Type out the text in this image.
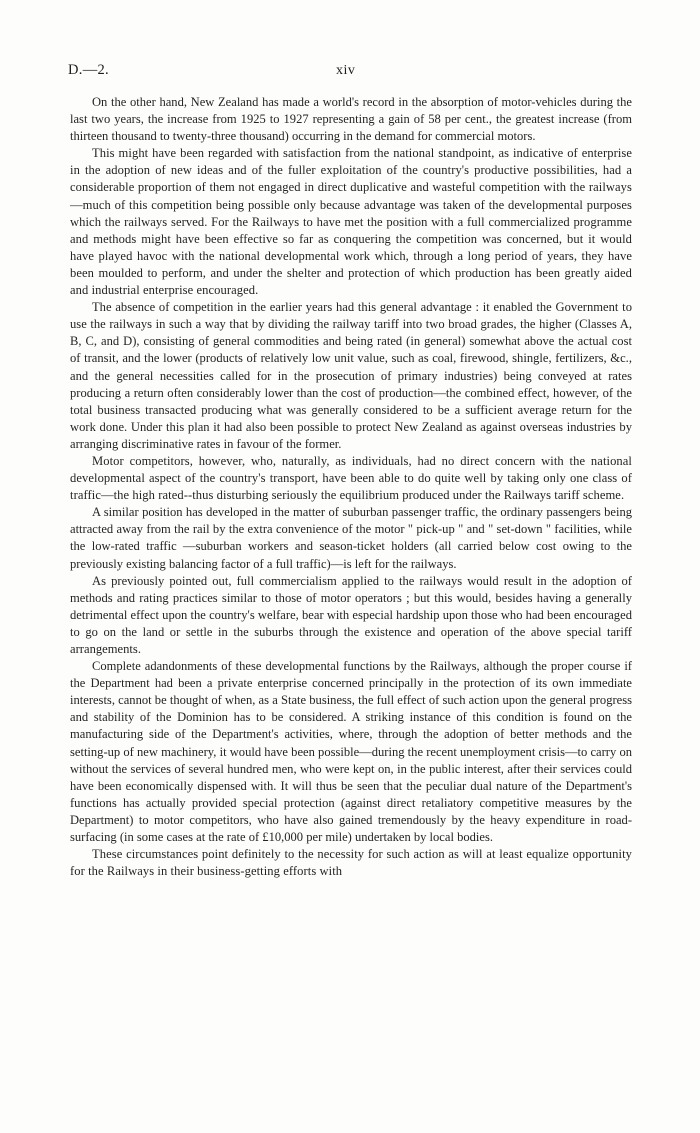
D.—2.	xiv

On the other hand, New Zealand has made a world's record in the absorption of motor-vehicles during the last two years, the increase from 1925 to 1927 representing a gain of 58 per cent., the greatest increase (from thirteen thousand to twenty-three thousand) occurring in the demand for commercial motors.

This might have been regarded with satisfaction from the national standpoint, as indicative of enterprise in the adoption of new ideas and of the fuller exploitation of the country's productive possibilities, had a considerable proportion of them not engaged in direct duplicative and wasteful competition with the railways—much of this competition being possible only because advantage was taken of the developmental purposes which the railways served. For the Railways to have met the position with a full commercialized programme and methods might have been effective so far as conquering the competition was concerned, but it would have played havoc with the national developmental work which, through a long period of years, they have been moulded to perform, and under the shelter and protection of which production has been greatly aided and industrial enterprise encouraged.

The absence of competition in the earlier years had this general advantage : it enabled the Government to use the railways in such a way that by dividing the railway tariff into two broad grades, the higher (Classes A, B, C, and D), consisting of general commodities and being rated (in general) somewhat above the actual cost of transit, and the lower (products of relatively low unit value, such as coal, firewood, shingle, fertilizers, &c., and the general necessities called for in the prosecution of primary industries) being conveyed at rates producing a return often considerably lower than the cost of production—the combined effect, however, of the total business transacted producing what was generally considered to be a sufficient average return for the work done. Under this plan it had also been possible to protect New Zealand as against overseas industries by arranging discriminative rates in favour of the former.

Motor competitors, however, who, naturally, as individuals, had no direct concern with the national developmental aspect of the country's transport, have been able to do quite well by taking only one class of traffic—the high rated--thus disturbing seriously the equilibrium produced under the Railways tariff scheme.

A similar position has developed in the matter of suburban passenger traffic, the ordinary passengers being attracted away from the rail by the extra convenience of the motor " pick-up " and " set-down " facilities, while the low-rated traffic —suburban workers and season-ticket holders (all carried below cost owing to the previously existing balancing factor of a full traffic)—is left for the railways.

As previously pointed out, full commercialism applied to the railways would result in the adoption of methods and rating practices similar to those of motor operators ; but this would, besides having a generally detrimental effect upon the country's welfare, bear with especial hardship upon those who had been encouraged to go on the land or settle in the suburbs through the existence and operation of the above special tariff arrangements.

Complete adandonments of these developmental functions by the Railways, although the proper course if the Department had been a private enterprise concerned principally in the protection of its own immediate interests, cannot be thought of when, as a State business, the full effect of such action upon the general progress and stability of the Dominion has to be considered. A striking instance of this condition is found on the manufacturing side of the Department's activities, where, through the adoption of better methods and the setting-up of new machinery, it would have been possible—during the recent unemployment crisis—to carry on without the services of several hundred men, who were kept on, in the public interest, after their services could have been economically dispensed with. It will thus be seen that the peculiar dual nature of the Department's functions has actually provided special protection (against direct retaliatory competitive measures by the Department) to motor competitors, who have also gained tremendously by the heavy expenditure in road-surfacing (in some cases at the rate of £10,000 per mile) undertaken by local bodies.

These circumstances point definitely to the necessity for such action as will at least equalize opportunity for the Railways in their business-getting efforts with
